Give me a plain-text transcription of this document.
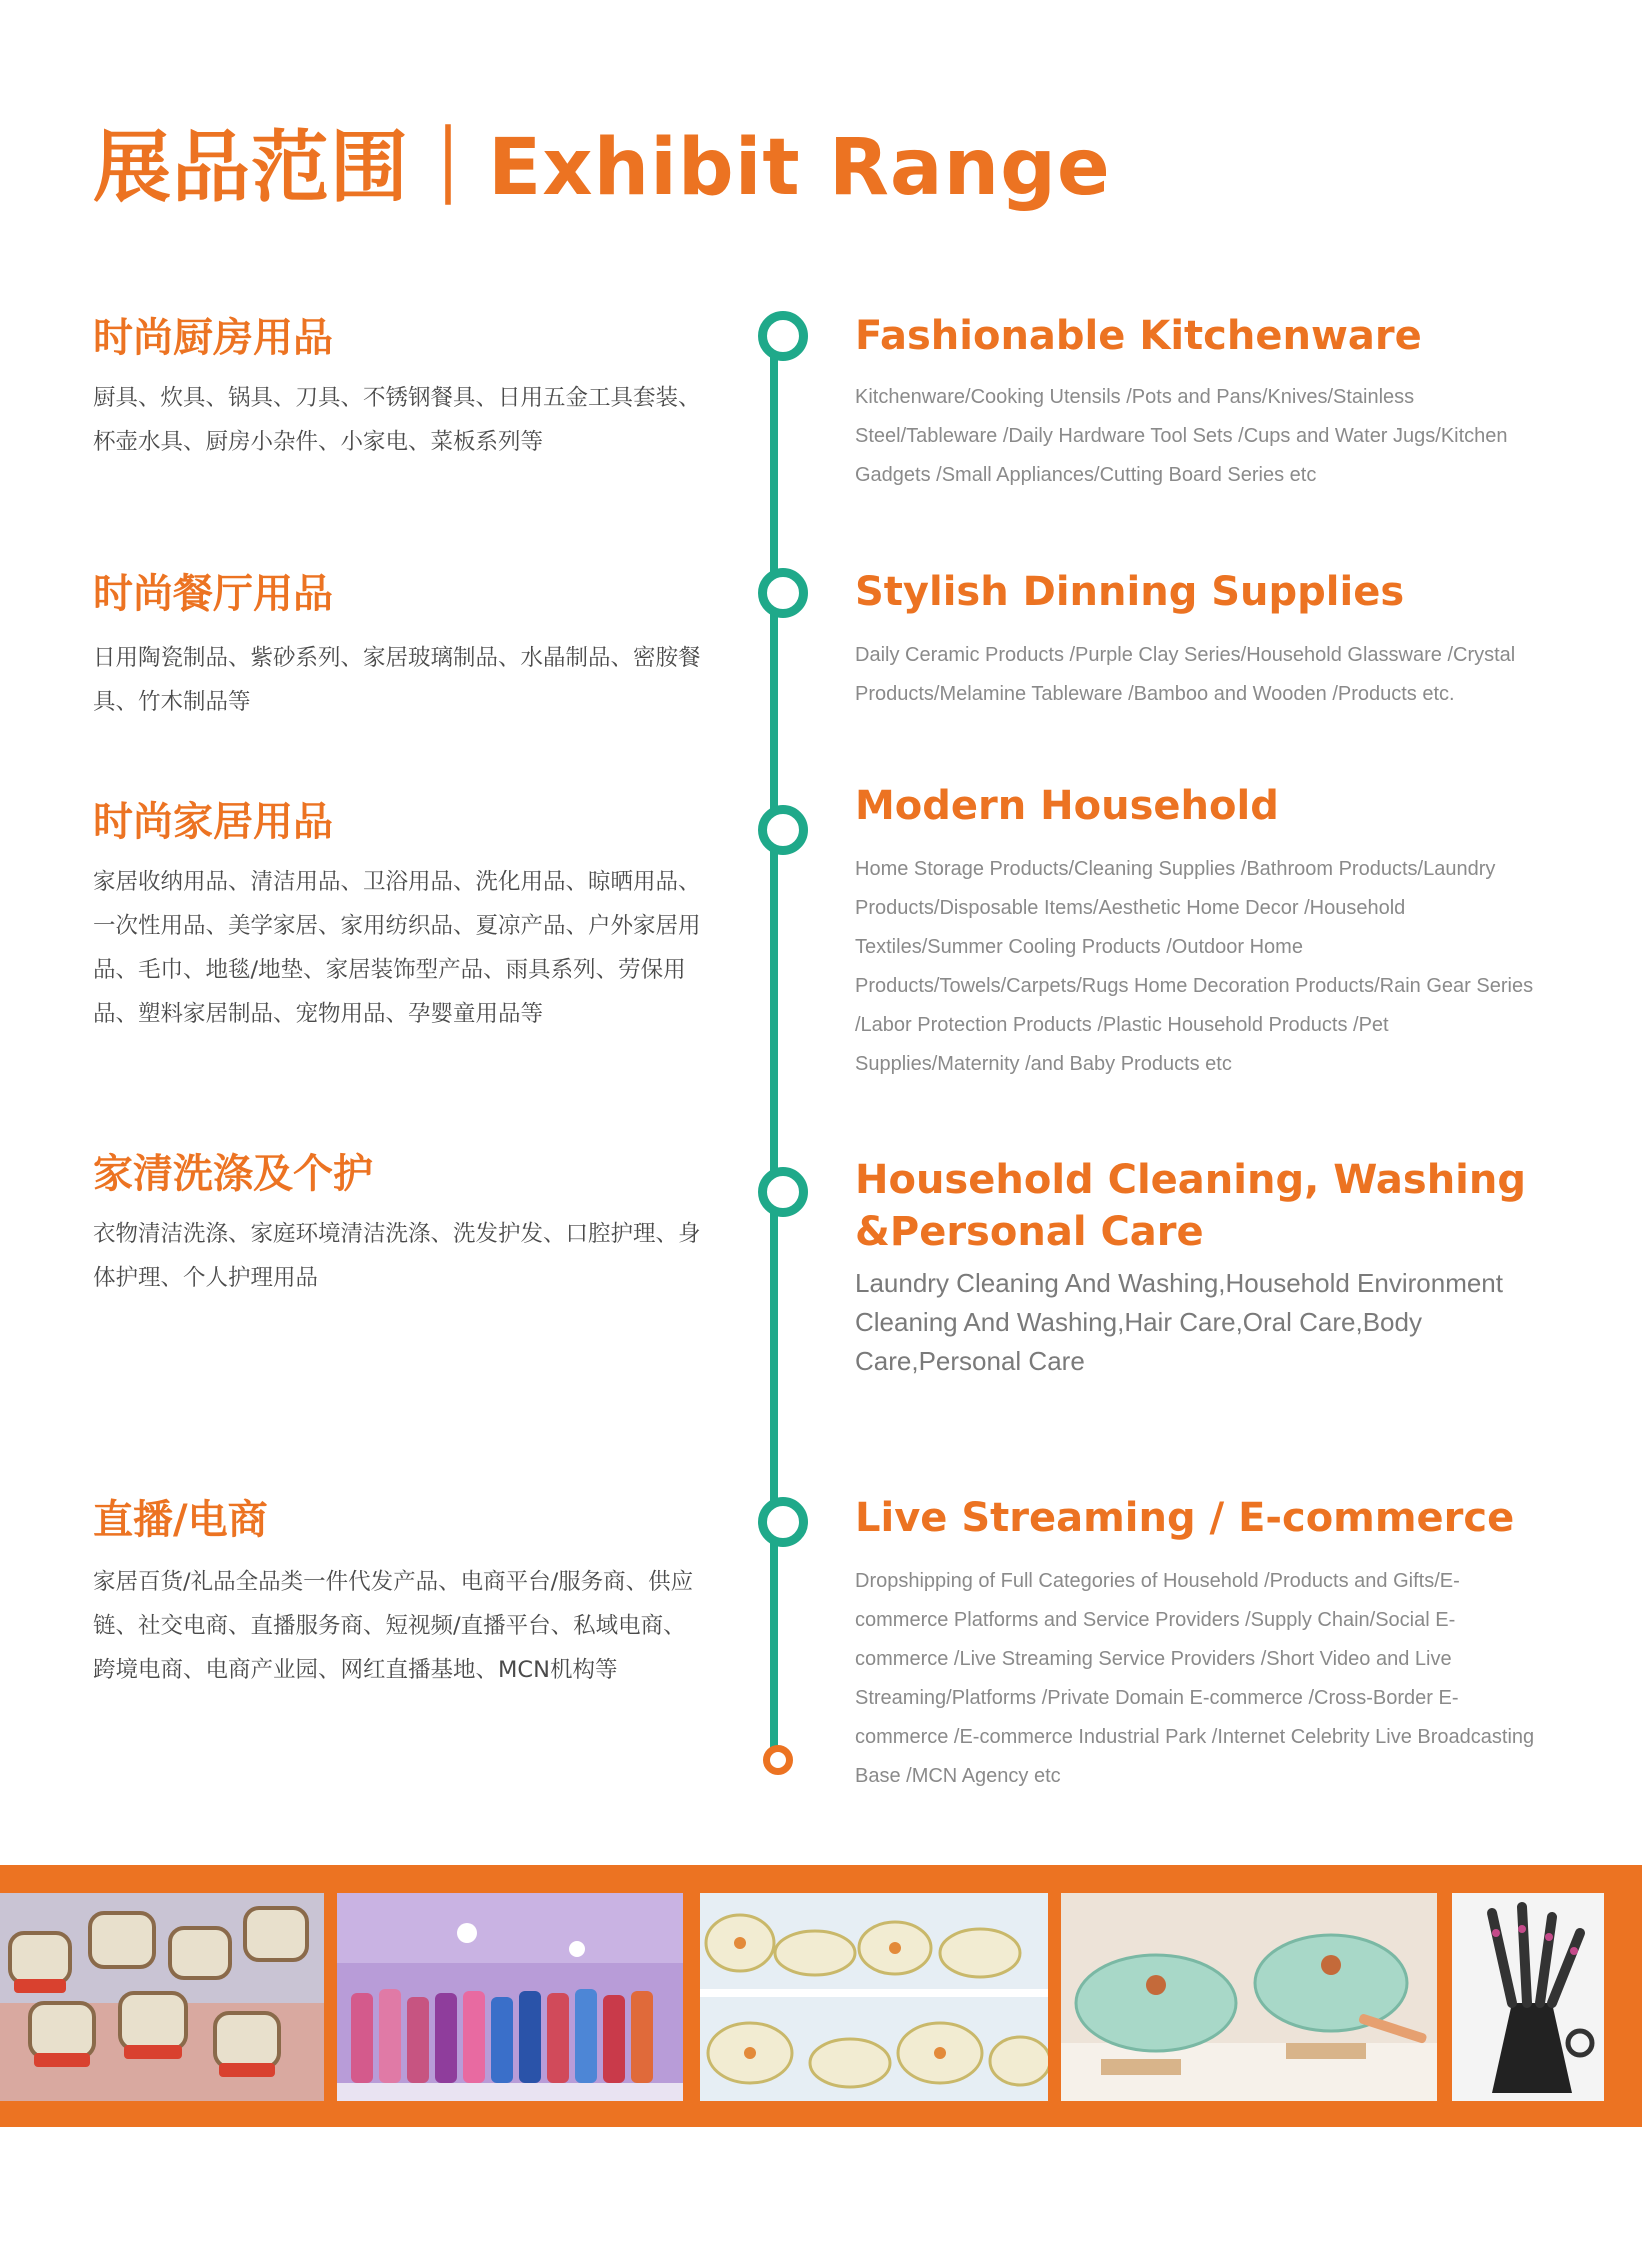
展品范围｜Exhibit Range
时尚厨房用品

厨具、炊具、锅具、刀具、不锈钢餐具、日用五金工具套装、杯壶水具、厨房小杂件、小家电、菜板系列等

Fashionable Kitchenware

Kitchenware/Cooking Utensils /Pots and Pans/Knives/Stainless Steel/Tableware /Daily Hardware Tool Sets /Cups and Water Jugs/Kitchen Gadgets /Small Appliances/Cutting Board Series etc

时尚餐厅用品

日用陶瓷制品、紫砂系列、家居玻璃制品、水晶制品、密胺餐具、竹木制品等

Stylish Dinning Supplies

Daily Ceramic Products /Purple Clay Series/Household Glassware /Crystal Products/Melamine Tableware /Bamboo and Wooden /Products etc.

时尚家居用品

家居收纳用品、清洁用品、卫浴用品、洗化用品、晾晒用品、一次性用品、美学家居、家用纺织品、夏凉产品、户外家居用品、毛巾、地毯/地垫、家居装饰型产品、雨具系列、劳保用品、塑料家居制品、宠物用品、孕婴童用品等

Modern Household

Home Storage Products/Cleaning Supplies /Bathroom Products/Laundry Products/Disposable Items/Aesthetic Home Decor /Household Textiles/Summer Cooling Products /Outdoor Home Products/Towels/Carpets/Rugs Home Decoration Products/Rain Gear Series /Labor Protection Products /Plastic Household Products /Pet Supplies/Maternity /and Baby Products etc

家清洗涤及个护

衣物清洁洗涤、家庭环境清洁洗涤、洗发护发、口腔护理、身体护理、个人护理用品

Household Cleaning, Washing &Personal Care

Laundry Cleaning And Washing,Household Environment Cleaning And Washing,Hair Care,Oral Care,Body Care,Personal Care

直播/电商

家居百货/礼品全品类一件代发产品、电商平台/服务商、供应链、社交电商、直播服务商、短视频/直播平台、私域电商、跨境电商、电商产业园、网红直播基地、MCN机构等

Live Streaming / E-commerce

Dropshipping of Full Categories of Household /Products and Gifts/E-commerce Platforms and Service Providers /Supply Chain/Social E-commerce /Live Streaming Service Providers /Short Video and Live Streaming/Platforms /Private Domain E-commerce /Cross-Border E-commerce /E-commerce Industrial Park /Internet Celebrity Live Broadcasting Base /MCN Agency etc
